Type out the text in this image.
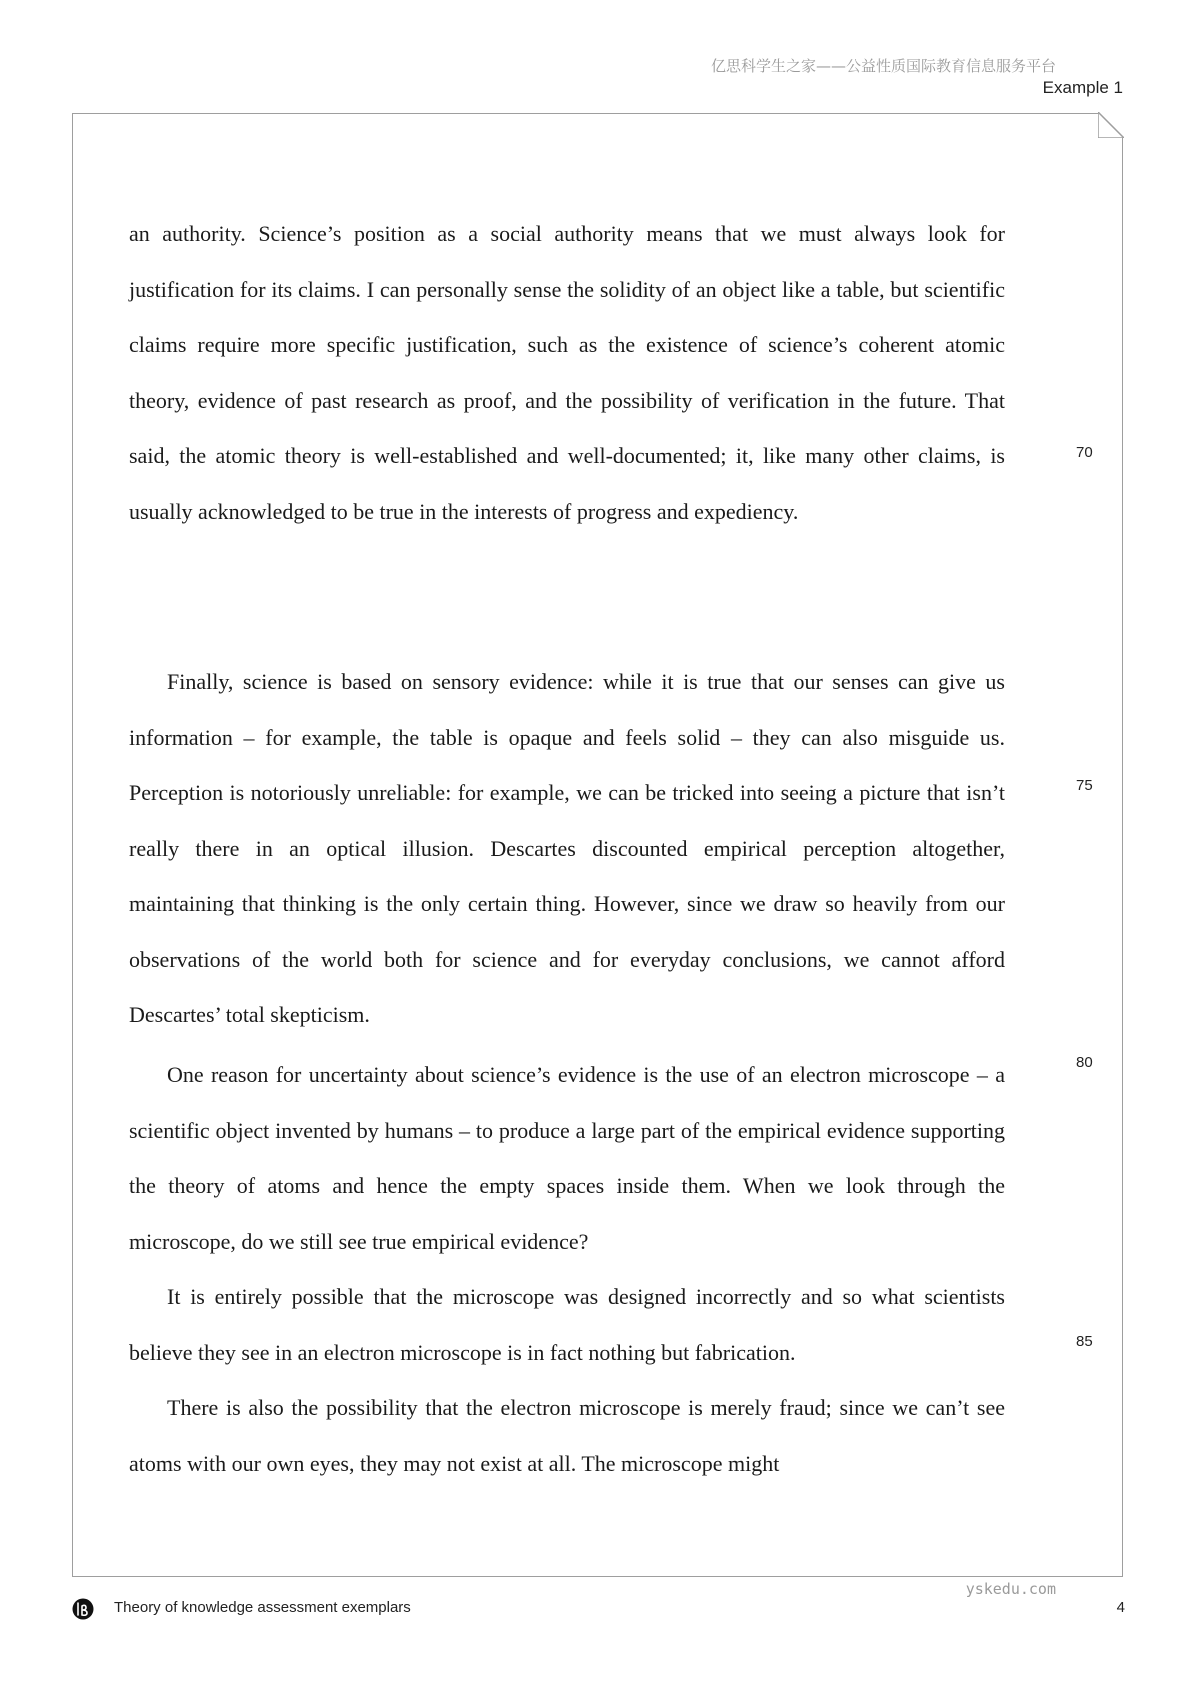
亿思科学生之家——公益性质国际教育信息服务平台
Example 1

an authority. Science’s position as a social authority means that we must always look for justification for its claims. I can personally sense the solidity of an object like a table, but scientific claims require more specific justification, such as the existence of science’s coherent atomic theory, evidence of past research as proof, and the possibility of verification in the future. That said, the atomic theory is well-established and well-documented; it, like many other claims, is usually acknowledged to be true in the interests of progress and expediency.

Finally, science is based on sensory evidence: while it is true that our senses can give us information – for example, the table is opaque and feels solid – they can also misguide us. Perception is notoriously unreliable: for example, we can be tricked into seeing a picture that isn’t really there in an optical illusion. Descartes discounted empirical perception altogether, maintaining that thinking is the only certain thing. However, since we draw so heavily from our observations of the world both for science and for everyday conclusions, we cannot afford Descartes’ total skepticism.

One reason for uncertainty about science’s evidence is the use of an electron microscope – a scientific object invented by humans – to produce a large part of the empirical evidence supporting the theory of atoms and hence the empty spaces inside them. When we look through the microscope, do we still see true empirical evidence?

It is entirely possible that the microscope was designed incorrectly and so what scientists believe they see in an electron microscope is in fact nothing but fabrication.

There is also the possibility that the electron microscope is merely fraud; since we can’t see atoms with our own eyes, they may not exist at all. The microscope might

70
75
80
85
Theory of knowledge assessment exemplars
yskedu.com
4
